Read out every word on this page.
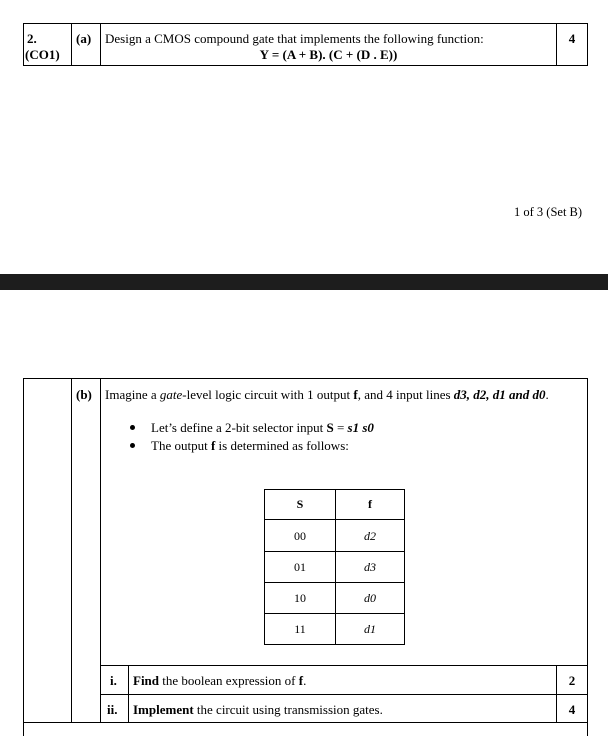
2.
(CO1)
(a) Design a CMOS compound gate that implements the following function:
Y = (A + B). (C + (D . E))
4
1 of 3 (Set B)
(b) Imagine a gate-level logic circuit with 1 output f, and 4 input lines d3, d2, d1 and d0.
Let’s define a 2-bit selector input S = s1 s0
The output f is determined as follows:
S	f
00	d2
01	d3
10	d0
11	d1
i. Find the boolean expression of f.	2
ii. Implement the circuit using transmission gates.	4
